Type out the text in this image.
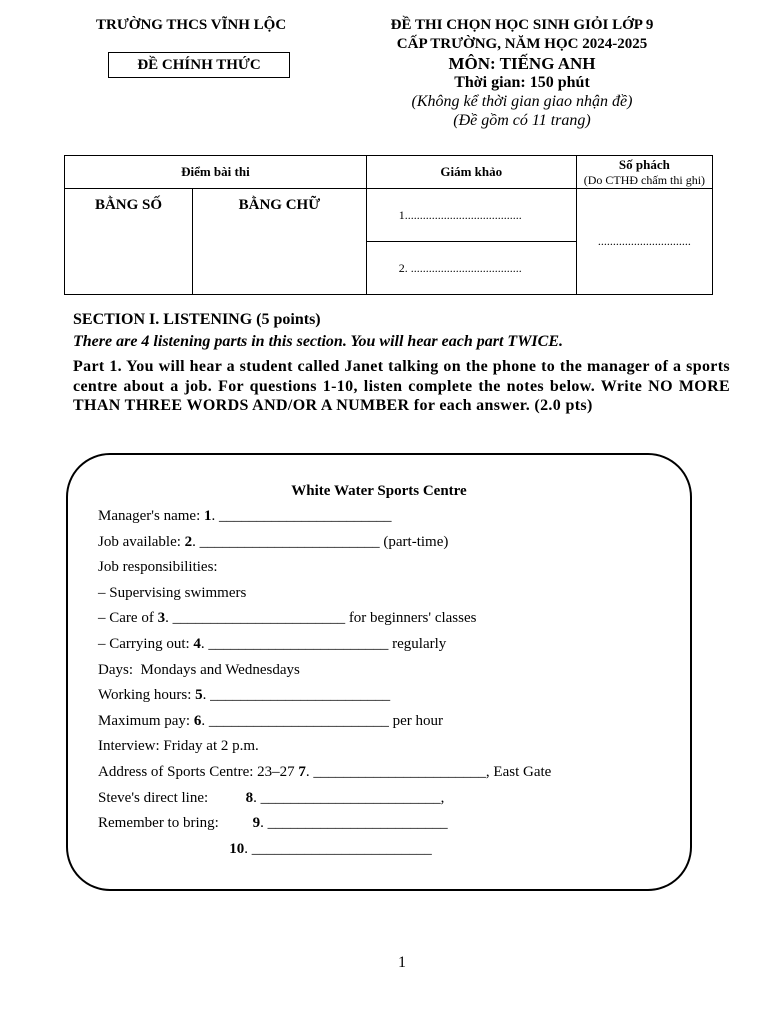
TRƯỜNG THCS VĨNH LỘC
ĐỀ CHÍNH THỨC
ĐỀ THI CHỌN HỌC SINH GIỎI LỚP 9
CẤP TRƯỜNG, NĂM HỌC 2024-2025
MÔN: TIẾNG ANH
Thời gian: 150 phút
(Không kể thời gian giao nhận đề)
(Đề gồm có 11 trang)
Điểm bài thi		Giám khảo	Số phách
(Do CTHĐ chấm thi ghi)

BẰNG SỐ	BẰNG CHỮ	1.......................................	...............................
		2. .....................................	
SECTION I. LISTENING (5 points)
There are 4 listening parts in this section. You will hear each part TWICE.
Part 1. You will hear a student called Janet talking on the phone to the manager of a sports centre about a job. For questions 1-10, listen complete the notes below. Write NO MORE THAN THREE WORDS AND/OR A NUMBER for each answer. (2.0 pts)
White Water Sports Centre
Manager's name: 1. _______________________
Job available: 2. ________________________ (part-time)
Job responsibilities:
– Supervising swimmers
– Care of 3. _______________________ for beginners' classes
– Carrying out: 4. ________________________ regularly
Days:  Mondays and Wednesdays
Working hours: 5. ________________________
Maximum pay: 6. ________________________ per hour
Interview: Friday at 2 p.m.
Address of Sports Centre: 23–27 7. _______________________, East Gate
Steve's direct line:          8. ________________________,
Remember to bring:         9. ________________________
10. ________________________
1
